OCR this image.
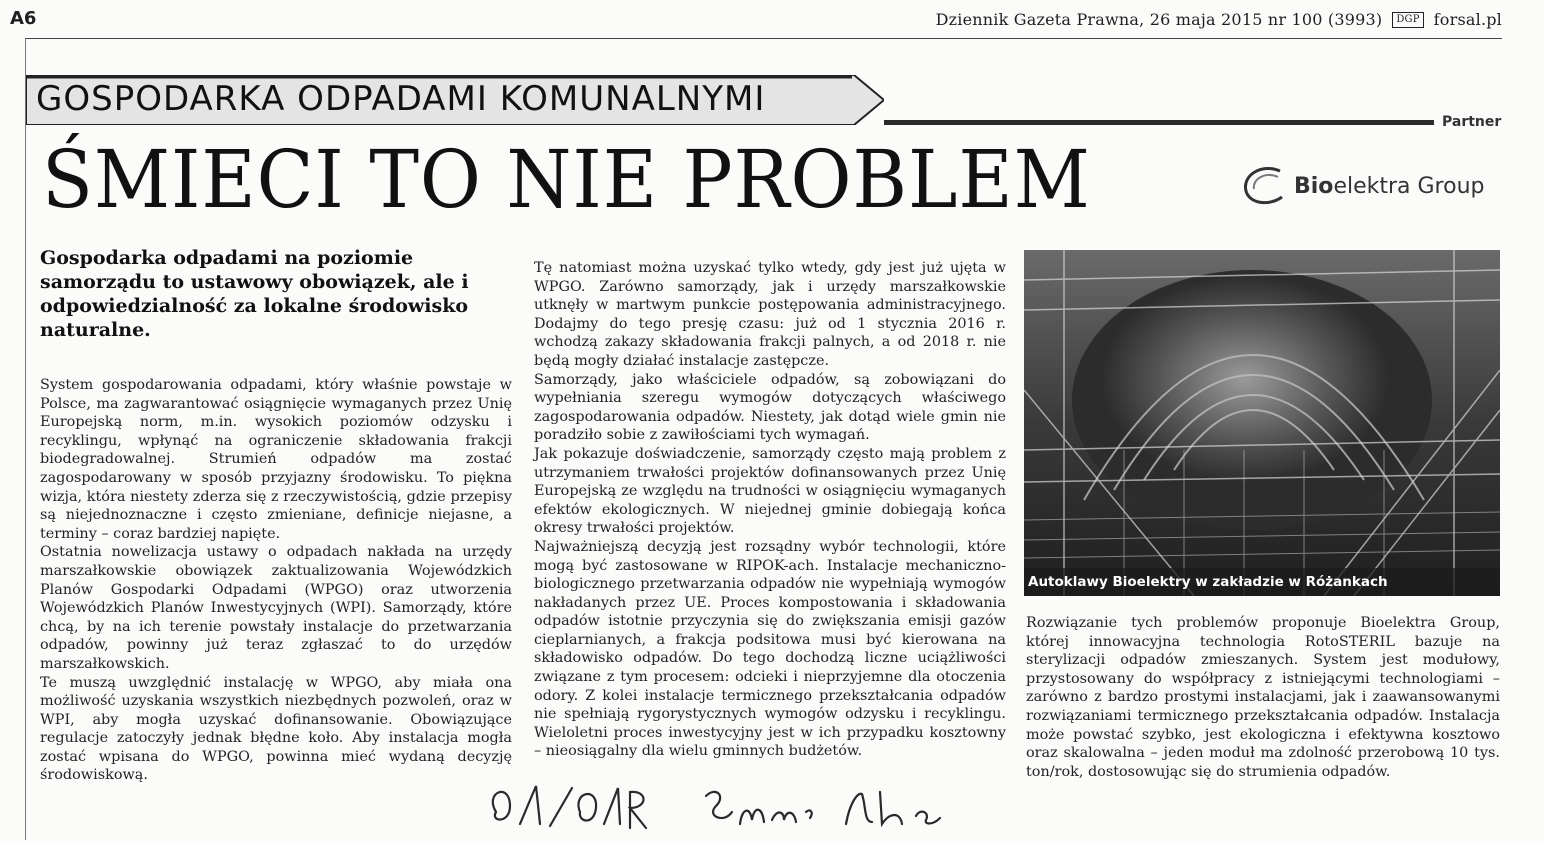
A6	Dziennik Gazeta Prawna, 26 maja 2015 nr 100 (3993)	DGP forsal.pl
GOSPODARKA ODPADAMI KOMUNALNYMI
Partner
ŚMIECI TO NIE PROBLEM	Bioelektra Group
Gospodarka odpadami na poziomie samorządu to ustawowy obowiązek, ale i odpowiedzialność za lokalne środowisko naturalne.

System gospodarowania odpadami, który właśnie powstaje w Polsce, ma zagwarantować osiągnięcie wymaganych przez Unię Europejską norm, m.in. wysokich poziomów odzysku i recyklingu, wpłynąć na ograniczenie składowania frakcji biodegradowalnej. Strumień odpadów ma zostać zagospodarowany w sposób przyjazny środowisku. To piękna wizja, która niestety zderza się z rzeczywistością, gdzie przepisy są niejednoznaczne i często zmieniane, definicje niejasne, a terminy – coraz bardziej napięte.

Ostatnia nowelizacja ustawy o odpadach nakłada na urzędy marszałkowskie obowiązek zaktualizowania Wojewódzkich Planów Gospodarki Odpadami (WPGO) oraz utworzenia Wojewódzkich Planów Inwestycyjnych (WPI). Samorządy, które chcą, by na ich terenie powstały instalacje do przetwarzania odpadów, powinny już teraz zgłaszać to do urzędów marszałkowskich.

Te muszą uwzględnić instalację w WPGO, aby miała ona możliwość uzyskania wszystkich niezbędnych pozwoleń, oraz w WPI, aby mogła uzyskać dofinansowanie. Obowiązujące regulacje zatoczyły jednak błędne koło. Aby instalacja mogła zostać wpisana do WPGO, powinna mieć wydaną decyzję środowiskową.

Tę natomiast można uzyskać tylko wtedy, gdy jest już ujęta w WPGO. Zarówno samorządy, jak i urzędy marszałkowskie utknęły w martwym punkcie postępowania administracyjnego. Dodajmy do tego presję czasu: już od 1 stycznia 2016 r. wchodzą zakazy składowania frakcji palnych, a od 2018 r. nie będą mogły działać instalacje zastępcze.

Samorządy, jako właściciele odpadów, są zobowiązani do wypełniania szeregu wymogów dotyczących właściwego zagospodarowania odpadów. Niestety, jak dotąd wiele gmin nie poradziło sobie z zawiłościami tych wymagań.

Jak pokazuje doświadczenie, samorządy często mają problem z utrzymaniem trwałości projektów dofinansowanych przez Unię Europejską ze względu na trudności w osiągnięciu wymaganych efektów ekologicznych. W niejednej gminie dobiegają końca okresy trwałości projektów.

Najważniejszą decyzją jest rozsądny wybór technologii, które mogą być zastosowane w RIPOK-ach. Instalacje mechaniczno-biologicznego przetwarzania odpadów nie wypełniają wymogów nakładanych przez UE. Proces kompostowania i składowania odpadów istotnie przyczynia się do zwiększania emisji gazów cieplarnianych, a frakcja podsitowa musi być kierowana na składowisko odpadów. Do tego dochodzą liczne uciążliwości związane z tym procesem: odcieki i nieprzyjemne dla otoczenia odory. Z kolei instalacje termicznego przekształcania odpadów nie spełniają rygorystycznych wymogów odzysku i recyklingu. Wieloletni proces inwestycyjny jest w ich przypadku kosztowny – nieosiągalny dla wielu gminnych budżetów.

Autoklawy Bioelektry w zakładzie w Różankach

Rozwiązanie tych problemów proponuje Bioelektra Group, której innowacyjna technologia RotoSTERIL bazuje na sterylizacji odpadów zmieszanych. System jest modułowy, przystosowany do współpracy z istniejącymi technologiami – zarówno z bardzo prostymi instalacjami, jak i zaawansowanymi rozwiązaniami termicznego przekształcania odpadów. Instalacja może powstać szybko, jest ekologiczna i efektywna kosztowo oraz skalowalna – jeden moduł ma zdolność przerobową 10 tys. ton/rok, dostosowując się do strumienia odpadów.
